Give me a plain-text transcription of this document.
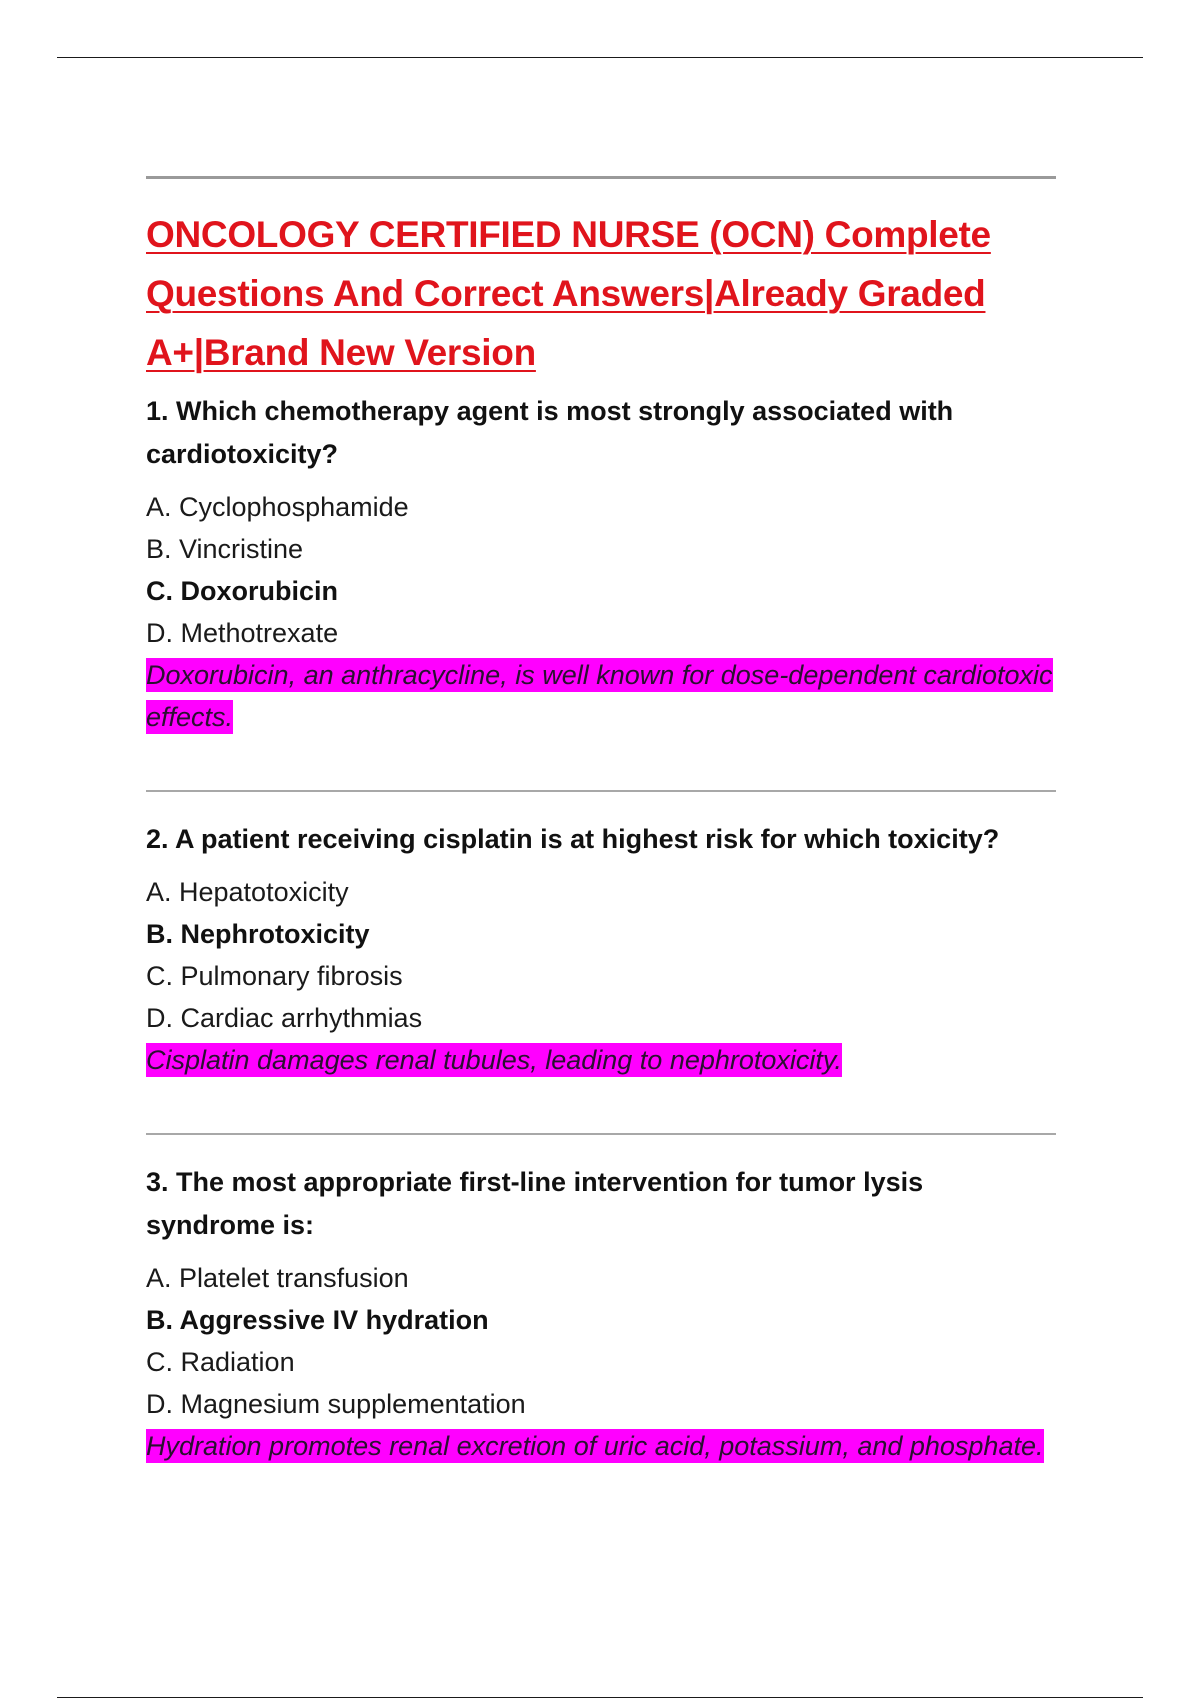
ONCOLOGY CERTIFIED NURSE (OCN) Complete Questions And Correct Answers|Already Graded A+|Brand New Version

1. Which chemotherapy agent is most strongly associated with cardiotoxicity?

A. Cyclophosphamide
B. Vincristine
C. Doxorubicin
D. Methotrexate

Doxorubicin, an anthracycline, is well known for dose-dependent cardiotoxic effects.

2. A patient receiving cisplatin is at highest risk for which toxicity?

A. Hepatotoxicity
B. Nephrotoxicity
C. Pulmonary fibrosis
D. Cardiac arrhythmias

Cisplatin damages renal tubules, leading to nephrotoxicity.

3. The most appropriate first-line intervention for tumor lysis syndrome is:

A. Platelet transfusion
B. Aggressive IV hydration
C. Radiation
D. Magnesium supplementation

Hydration promotes renal excretion of uric acid, potassium, and phosphate.
